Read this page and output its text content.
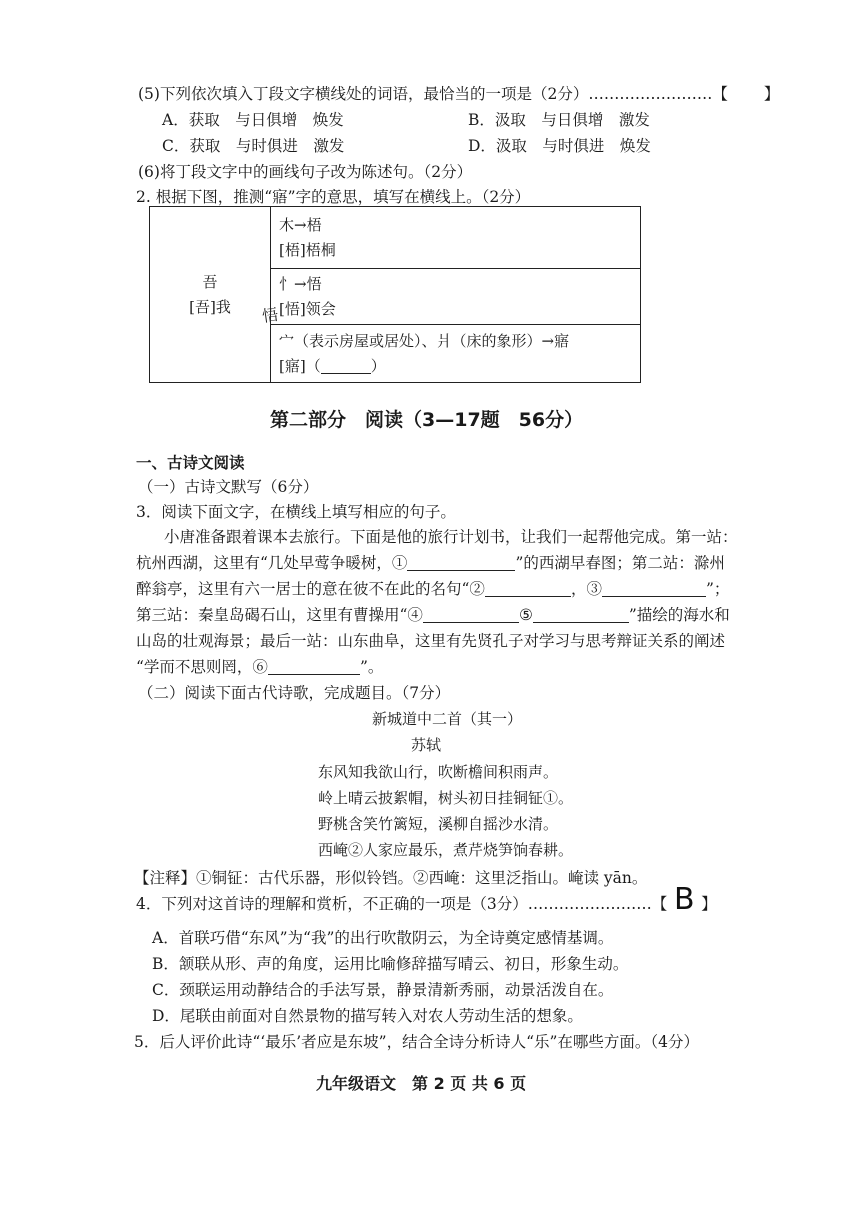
(5)下列依次填入丁段文字横线处的词语，最恰当的一项是（2分）……………………【 】
A．获取　与日俱增　焕发	B．汲取　与日俱增　激发
C．获取　与时俱进　激发	D．汲取　与时俱进　焕发
(6)将丁段文字中的画线句子改为陈述句。（2分）
2. 根据下图，推测“寤”字的意思，填写在横线上。（2分）
吾
[吾]我

木→梧
[梧]梧桐

忄→悟
[悟]领会

宀（表示房屋或居处）、爿（床的象形）→寤
[寤]（	）
悟
第二部分　阅读（3—17题　56分）
一、古诗文阅读
（一）古诗文默写（6分）
3．阅读下面文字，在横线上填写相应的句子。
小唐准备跟着课本去旅行。下面是他的旅行计划书，让我们一起帮他完成。第一站：
杭州西湖，这里有“几处早莺争暖树，①	”的西湖早春图；第二站：滁州
醉翁亭，这里有六一居士的意在彼不在此的名句“②	，③	”；
第三站：秦皇岛碣石山，这里有曹操用“④	⑤	”描绘的海水和
山岛的壮观海景；最后一站：山东曲阜，这里有先贤孔子对学习与思考辩证关系的阐述
“学而不思则罔，⑥	”。
（二）阅读下面古代诗歌，完成题目。（7分）
新城道中二首（其一）
苏轼
东风知我欲山行，吹断檐间积雨声。
岭上晴云披絮帽，树头初日挂铜钲①。
野桃含笑竹篱短，溪柳自摇沙水清。
西崦②人家应最乐，煮芹烧笋饷春耕。
【注释】①铜钲：古代乐器，形似铃铛。②西崦：这里泛指山。崦读 yān。
4．下列对这首诗的理解和赏析，不正确的一项是（3分）……………………【 B 】
A．首联巧借“东风”为“我”的出行吹散阴云，为全诗奠定感情基调。
B．颔联从形、声的角度，运用比喻修辞描写晴云、初日，形象生动。
C．颈联运用动静结合的手法写景，静景清新秀丽，动景活泼自在。
D．尾联由前面对自然景物的描写转入对农人劳动生活的想象。
5．后人评价此诗“‘最乐’者应是东坡”，结合全诗分析诗人“乐”在哪些方面。（4分）
九年级语文　第 2 页 共 6 页
